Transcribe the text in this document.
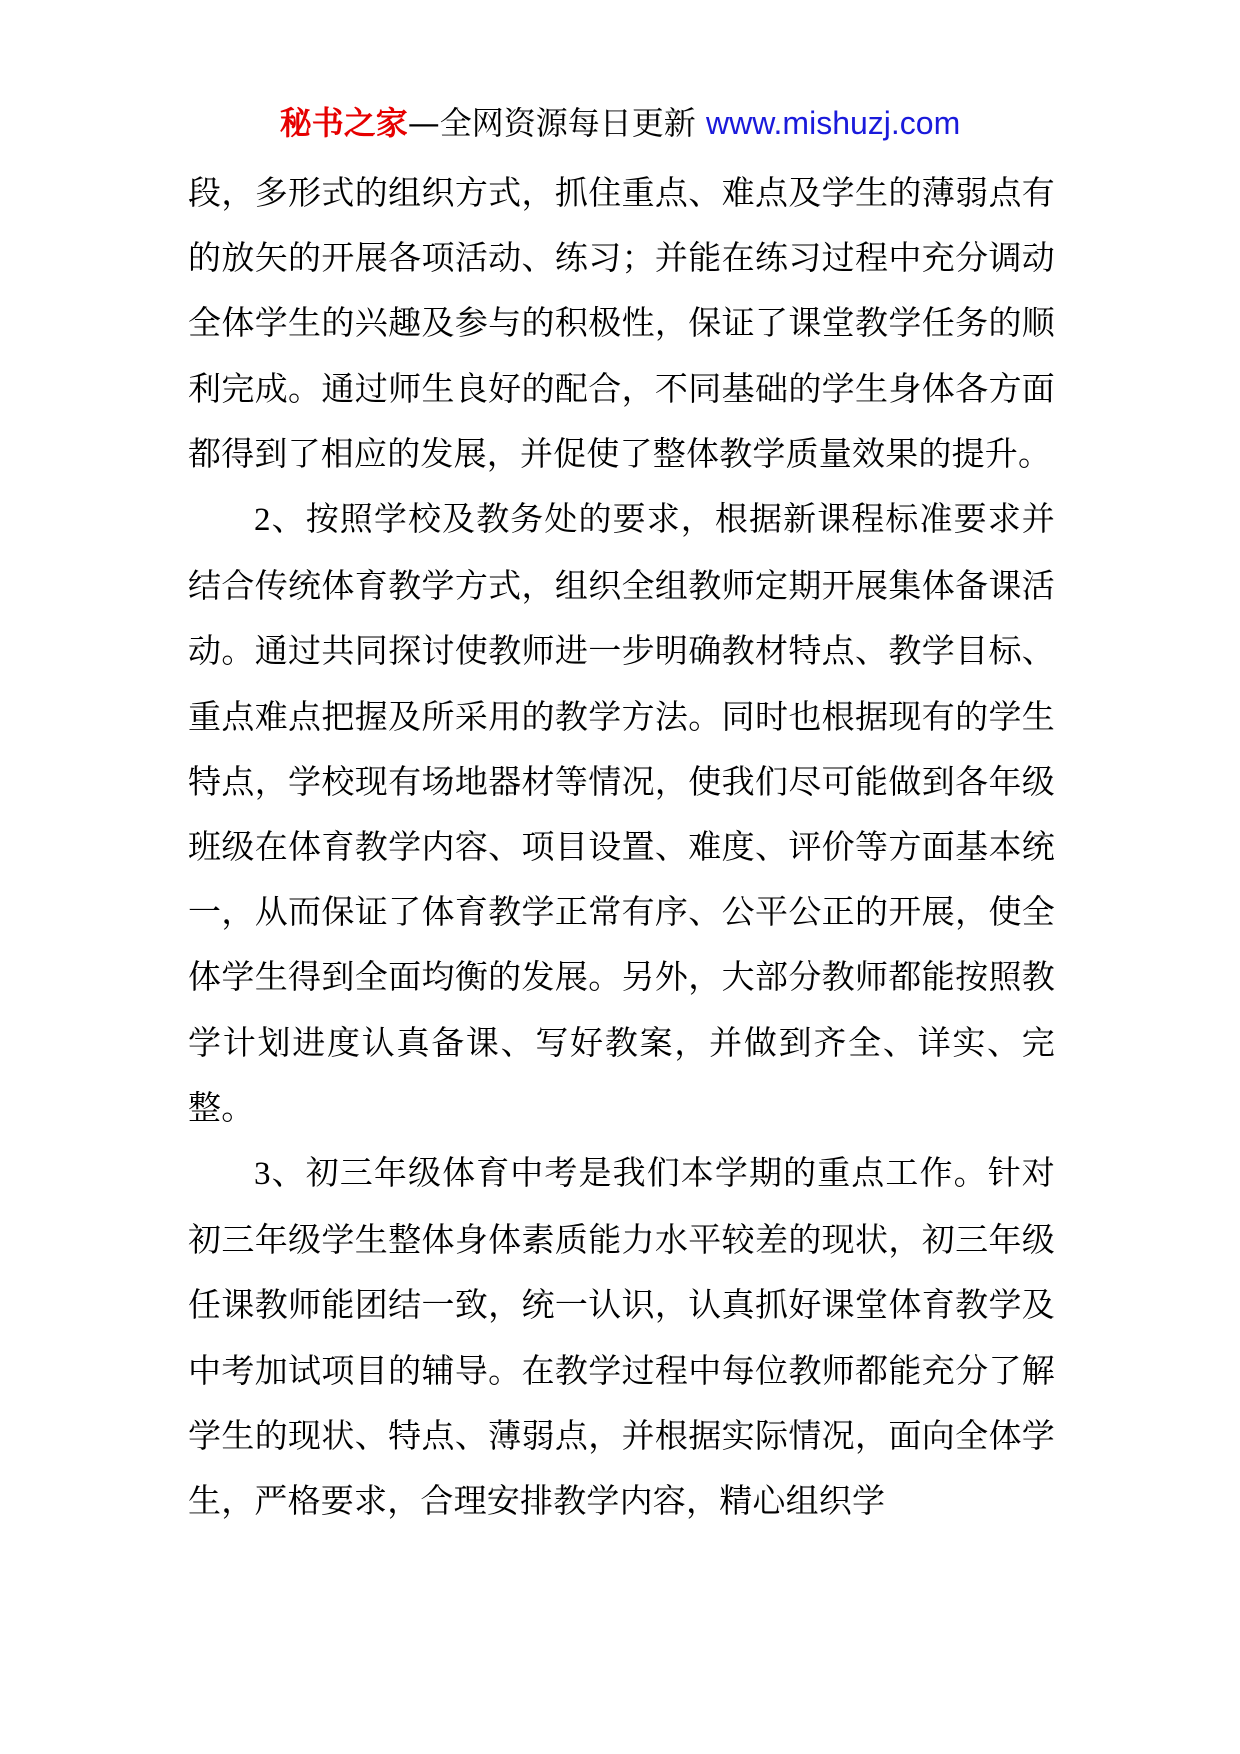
秘书之家—全网资源每日更新 www.mishuzj.com

段，多形式的组织方式，抓住重点、难点及学生的薄弱点有的放矢的开展各项活动、练习；并能在练习过程中充分调动全体学生的兴趣及参与的积极性，保证了课堂教学任务的顺利完成。通过师生良好的配合，不同基础的学生身体各方面都得到了相应的发展，并促使了整体教学质量效果的提升。

2、按照学校及教务处的要求，根据新课程标准要求并结合传统体育教学方式，组织全组教师定期开展集体备课活动。通过共同探讨使教师进一步明确教材特点、教学目标、重点难点把握及所采用的教学方法。同时也根据现有的学生特点，学校现有场地器材等情况，使我们尽可能做到各年级班级在体育教学内容、项目设置、难度、评价等方面基本统一，从而保证了体育教学正常有序、公平公正的开展，使全体学生得到全面均衡的发展。另外，大部分教师都能按照教学计划进度认真备课、写好教案，并做到齐全、详实、完整。

3、初三年级体育中考是我们本学期的重点工作。针对初三年级学生整体身体素质能力水平较差的现状，初三年级任课教师能团结一致，统一认识，认真抓好课堂体育教学及中考加试项目的辅导。在教学过程中每位教师都能充分了解学生的现状、特点、薄弱点，并根据实际情况，面向全体学生，严格要求，合理安排教学内容，精心组织学
